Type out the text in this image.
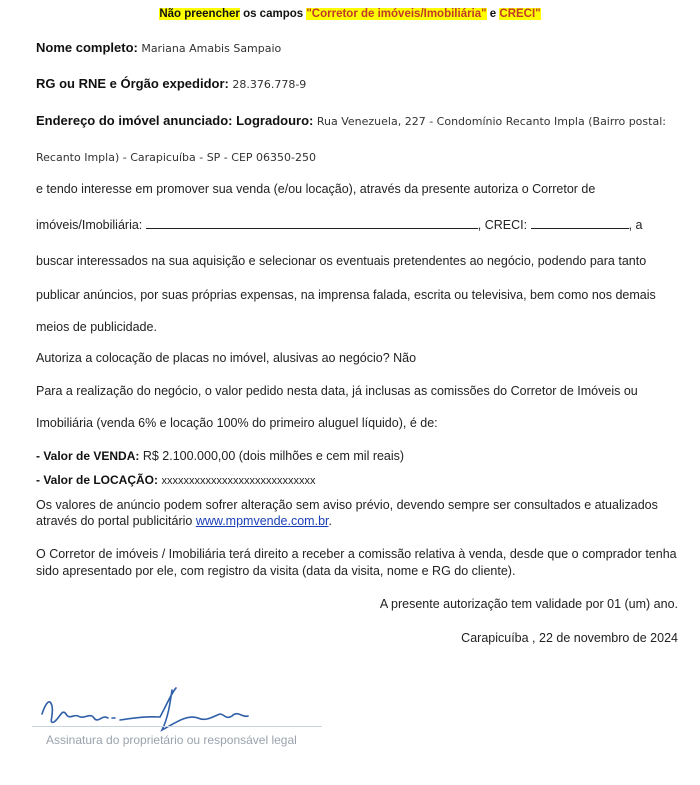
Não preencher os campos "Corretor de imóveis/Imobiliária" e CRECI"
Nome completo: Mariana Amabis Sampaio
RG ou RNE e Órgão expedidor: 28.376.778-9
Endereço do imóvel anunciado: Logradouro: Rua Venezuela, 227 - Condomínio Recanto Impla (Bairro postal:
Recanto Impla) - Carapicuíba - SP - CEP 06350-250
e tendo interesse em promover sua venda (e/ou locação), através da presente autoriza o Corretor de
imóveis/Imobiliária:	, CRECI:	, a
buscar interessados na sua aquisição e selecionar os eventuais pretendentes ao negócio, podendo para tanto
publicar anúncios, por suas próprias expensas, na imprensa falada, escrita ou televisiva, bem como nos demais
meios de publicidade.
Autoriza a colocação de placas no imóvel, alusivas ao negócio? Não
Para a realização do negócio, o valor pedido nesta data, já inclusas as comissões do Corretor de Imóveis ou
Imobiliária (venda 6% e locação 100% do primeiro aluguel líquido), é de:
- Valor de VENDA: R$ 2.100.000,00 (dois milhões e cem mil reais)
- Valor de LOCAÇÃO: xxxxxxxxxxxxxxxxxxxxxxxxxxxx
Os valores de anúncio podem sofrer alteração sem aviso prévio, devendo sempre ser consultados e atualizados
através do portal publicitário www.mpmvende.com.br.
O Corretor de imóveis / Imobiliária terá direito a receber a comissão relativa à venda, desde que o comprador tenha
sido apresentado por ele, com registro da visita (data da visita, nome e RG do cliente).
A presente autorização tem validade por 01 (um) ano.
Carapicuíba , 22 de novembro de 2024
Assinatura do proprietário ou responsável legal
